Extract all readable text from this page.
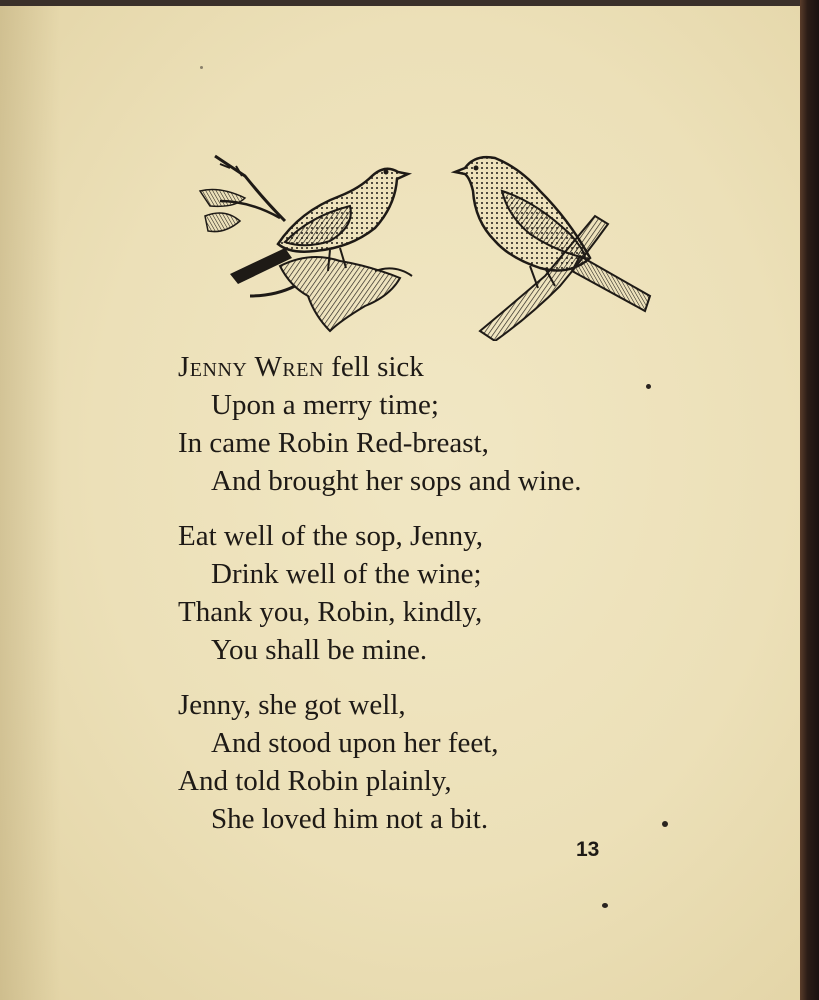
Jenny Wren fell sick
Upon a merry time;
In came Robin Red-breast,
And brought her sops and wine.
Eat well of the sop, Jenny,
Drink well of the wine;
Thank you, Robin, kindly,
You shall be mine.
Jenny, she got well,
And stood upon her feet,
And told Robin plainly,
She loved him not a bit.
13
